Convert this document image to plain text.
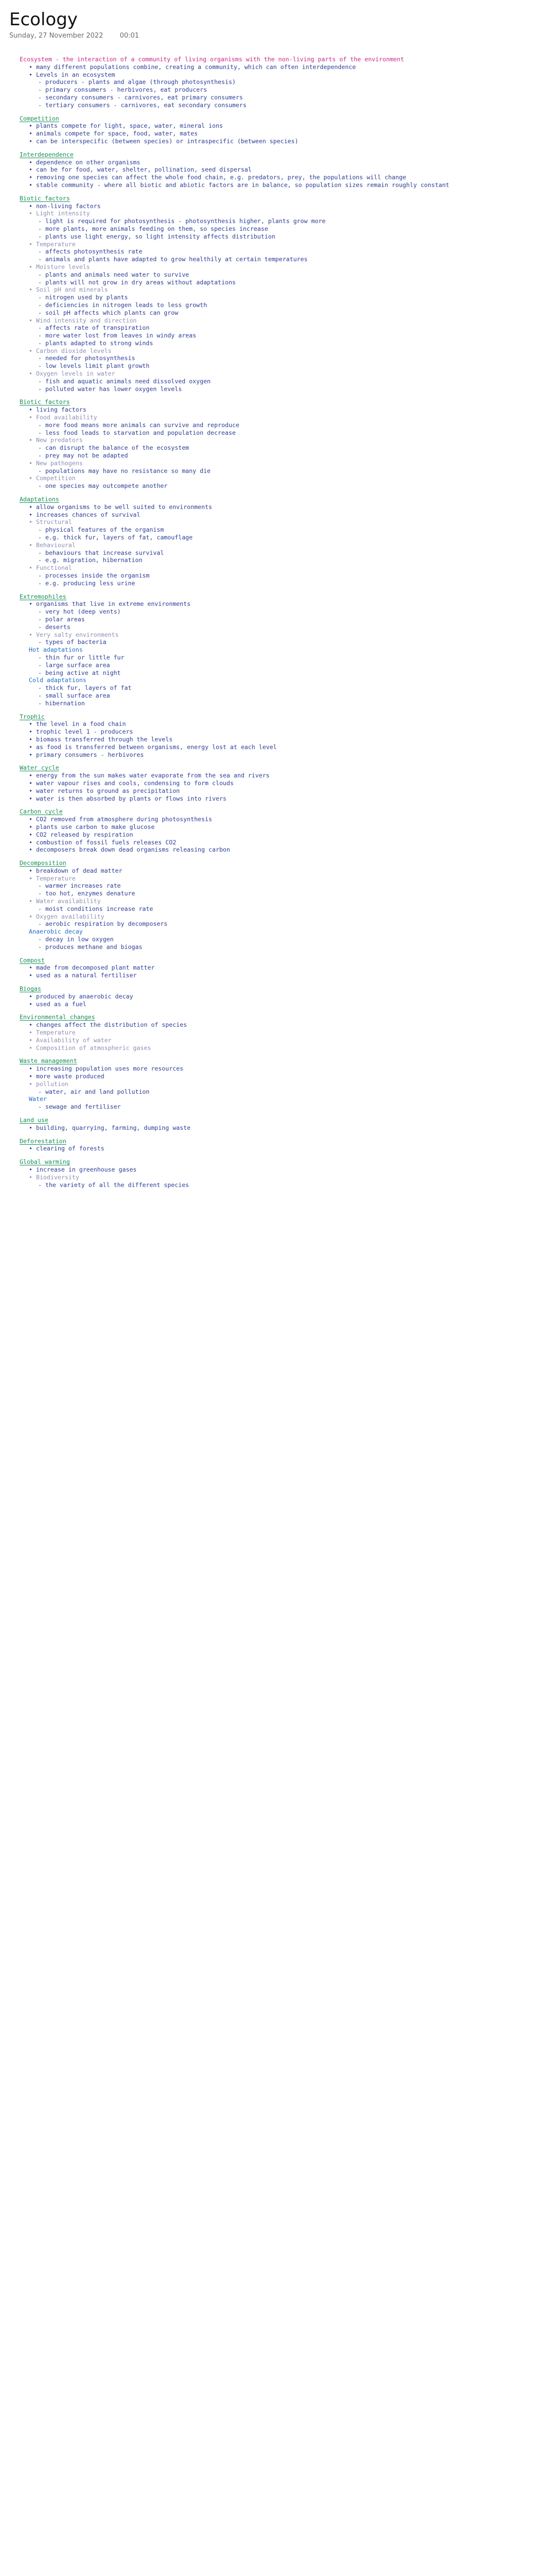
Ecology
Sunday, 27 November 2022 00:01
Ecosystem - the interaction of a community of living organisms with the non-living parts of the environment
• many different populations combine, creating a community, which can often interdependence
• Levels in an ecosystem
- producers - plants and algae (through photosynthesis)
- primary consumers - herbivores, eat producers
- secondary consumers - carnivores, eat primary consumers
- tertiary consumers - carnivores, eat secondary consumers
Competition
• plants compete for light, space, water, mineral ions
• animals compete for space, food, water, mates
• can be interspecific (between species) or intraspecific (between species)
Interdependence
• dependence on other organisms
• can be for food, water, shelter, pollination, seed dispersal
• removing one species can affect the whole food chain, e.g. predators, prey, the populations will change
• stable community - where all biotic and abiotic factors are in balance, so population sizes remain roughly constant
Biotic factors
• non-living factors
• Light intensity
- light is required for photosynthesis - photosynthesis higher, plants grow more
- more plants, more animals feeding on them, so species increase
- plants use light energy, so light intensity affects distribution
• Temperature
- affects photosynthesis rate
- animals and plants have adapted to grow healthily at certain temperatures
• Moisture levels
- plants and animals need water to survive
- plants will not grow in dry areas without adaptations
• Soil pH and minerals
- nitrogen used by plants
- deficiencies in nitrogen leads to less growth
- soil pH affects which plants can grow
• Wind intensity and direction
- affects rate of transpiration
- more water lost from leaves in windy areas
- plants adapted to strong winds
• Carbon dioxide levels
- needed for photosynthesis
- low levels limit plant growth
• Oxygen levels in water
- fish and aquatic animals need dissolved oxygen
- polluted water has lower oxygen levels
Biotic factors
• living factors
• Food availability
- more food means more animals can survive and reproduce
- less food leads to starvation and population decrease
• New predators
- can disrupt the balance of the ecosystem
- prey may not be adapted
• New pathogens
- populations may have no resistance so many die
• Competition
- one species may outcompete another
Adaptations
• allow organisms to be well suited to environments
• increases chances of survival
• Structural
- physical features of the organism
- e.g. thick fur, layers of fat, camouflage
• Behavioural
- behaviours that increase survival
- e.g. migration, hibernation
• Functional
- processes inside the organism
- e.g. producing less urine
Extremophiles
• organisms that live in extreme environments
- very hot (deep vents)
- polar areas
- deserts
• Very salty environments
- types of bacteria
Hot adaptations
- thin fur or little fur
- large surface area
- being active at night
Cold adaptations
- thick fur, layers of fat
- small surface area
- hibernation
Trophic
• the level in a food chain
• trophic level 1 - producers
• biomass transferred through the levels
• as food is transferred between organisms, energy lost at each level
• primary consumers - herbivores
Water cycle
• energy from the sun makes water evaporate from the sea and rivers
• water vapour rises and cools, condensing to form clouds
• water returns to ground as precipitation
• water is then absorbed by plants or flows into rivers
Carbon cycle
• CO2 removed from atmosphere during photosynthesis
• plants use carbon to make glucose
• CO2 released by respiration
• combustion of fossil fuels releases CO2
• decomposers break down dead organisms releasing carbon
Decomposition
• breakdown of dead matter
• Temperature
- warmer increases rate
- too hot, enzymes denature
• Water availability
- moist conditions increase rate
• Oxygen availability
- aerobic respiration by decomposers
Anaerobic decay
- decay in low oxygen
- produces methane and biogas
Compost
• made from decomposed plant matter
• used as a natural fertiliser
Biogas
• produced by anaerobic decay
• used as a fuel
Environmental changes
• changes affect the distribution of species
• Temperature
• Availability of water
• Composition of atmospheric gases
Waste management
• increasing population uses more resources
• more waste produced
• pollution
- water, air and land pollution
Water
- sewage and fertiliser
Land use
• building, quarrying, farming, dumping waste
Deforestation
• clearing of forests
Global warming
• increase in greenhouse gases
• Biodiversity
- the variety of all the different species
